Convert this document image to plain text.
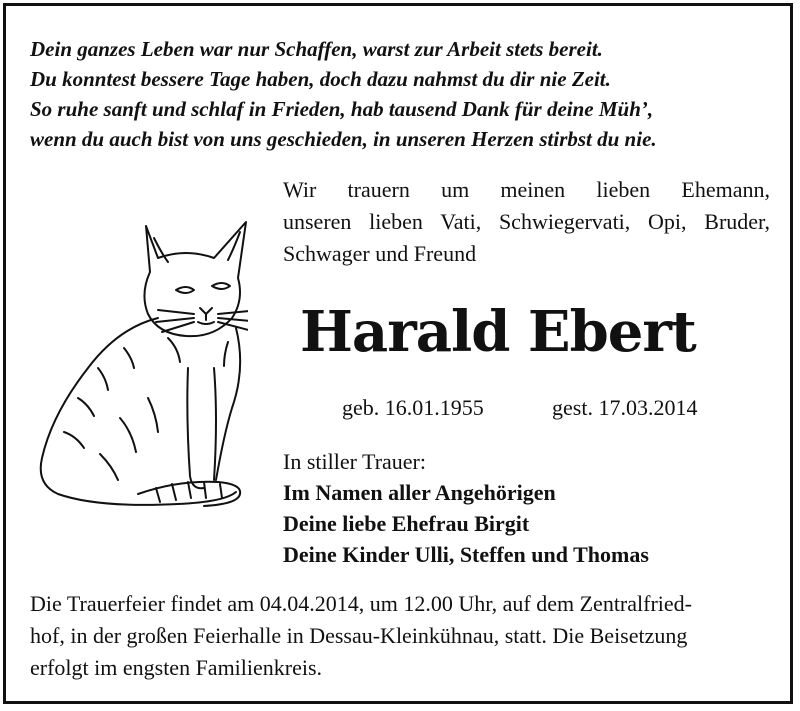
Dein ganzes Leben war nur Schaffen, warst zur Arbeit stets bereit.
Du konntest bessere Tage haben, doch dazu nahmst du dir nie Zeit.
So ruhe sanft und schlaf in Frieden, hab tausend Dank für deine Müh’,
wenn du auch bist von uns geschieden, in unseren Herzen stirbst du nie.
Wir trauern um meinen lieben Ehemann,
unseren lieben Vati, Schwiegervati, Opi, Bruder,
Schwager und Freund
Harald Ebert
geb. 16.01.1955	gest. 17.03.2014
In stiller Trauer:
Im Namen aller Angehörigen
Deine liebe Ehefrau Birgit
Deine Kinder Ulli, Steffen und Thomas
Die Trauerfeier findet am 04.04.2014, um 12.00 Uhr, auf dem Zentralfried-
hof, in der großen Feierhalle in Dessau-Kleinkühnau, statt. Die Beisetzung
erfolgt im engsten Familienkreis.
